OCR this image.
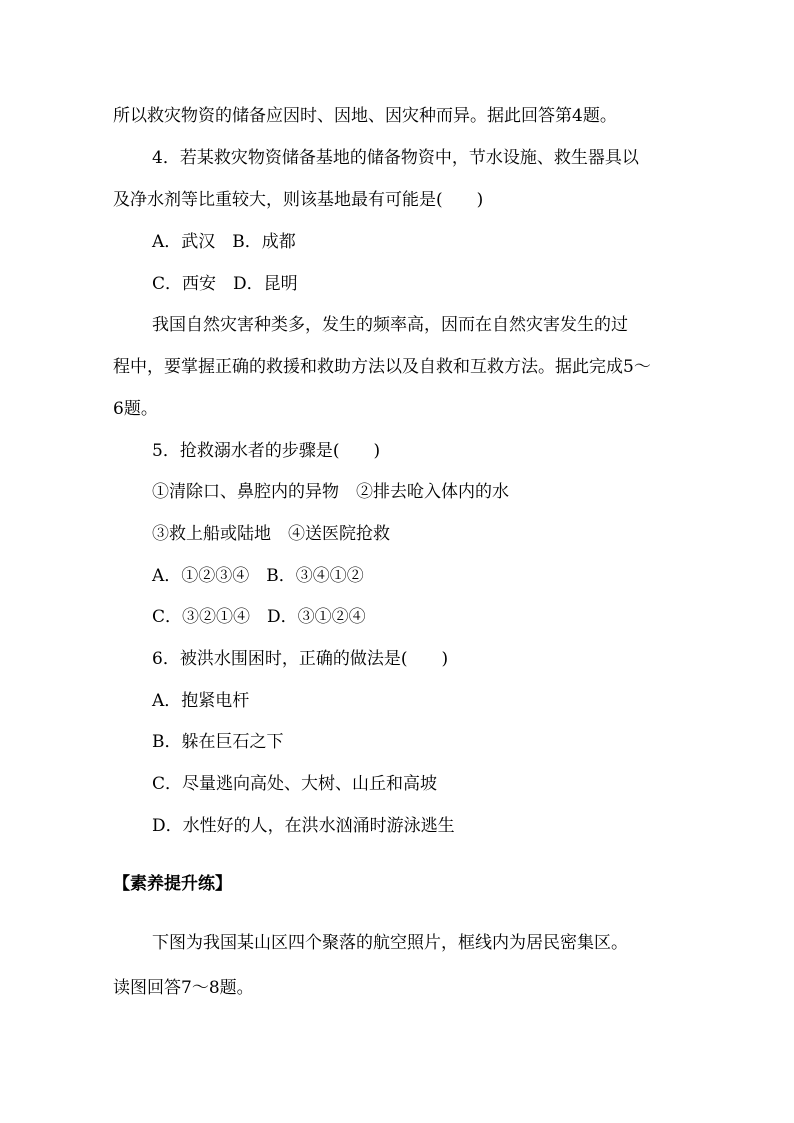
所以救灾物资的储备应因时、因地、因灾种而异。据此回答第4题。
4．若某救灾物资储备基地的储备物资中，节水设施、救生器具以
及净水剂等比重较大，则该基地最有可能是(　　)
A．武汉　B．成都
C．西安　D．昆明
我国自然灾害种类多，发生的频率高，因而在自然灾害发生的过
程中，要掌握正确的救援和救助方法以及自救和互救方法。据此完成5～
6题。
5．抢救溺水者的步骤是(　　)
①清除口、鼻腔内的异物　②排去呛入体内的水
③救上船或陆地　④送医院抢救
A．①②③④　B．③④①②
C．③②①④　D．③①②④
6．被洪水围困时，正确的做法是(　　)
A．抱紧电杆
B．躲在巨石之下
C．尽量逃向高处、大树、山丘和高坡
D．水性好的人，在洪水汹涌时游泳逃生
【素养提升练】
下图为我国某山区四个聚落的航空照片，框线内为居民密集区。
读图回答7～8题。
